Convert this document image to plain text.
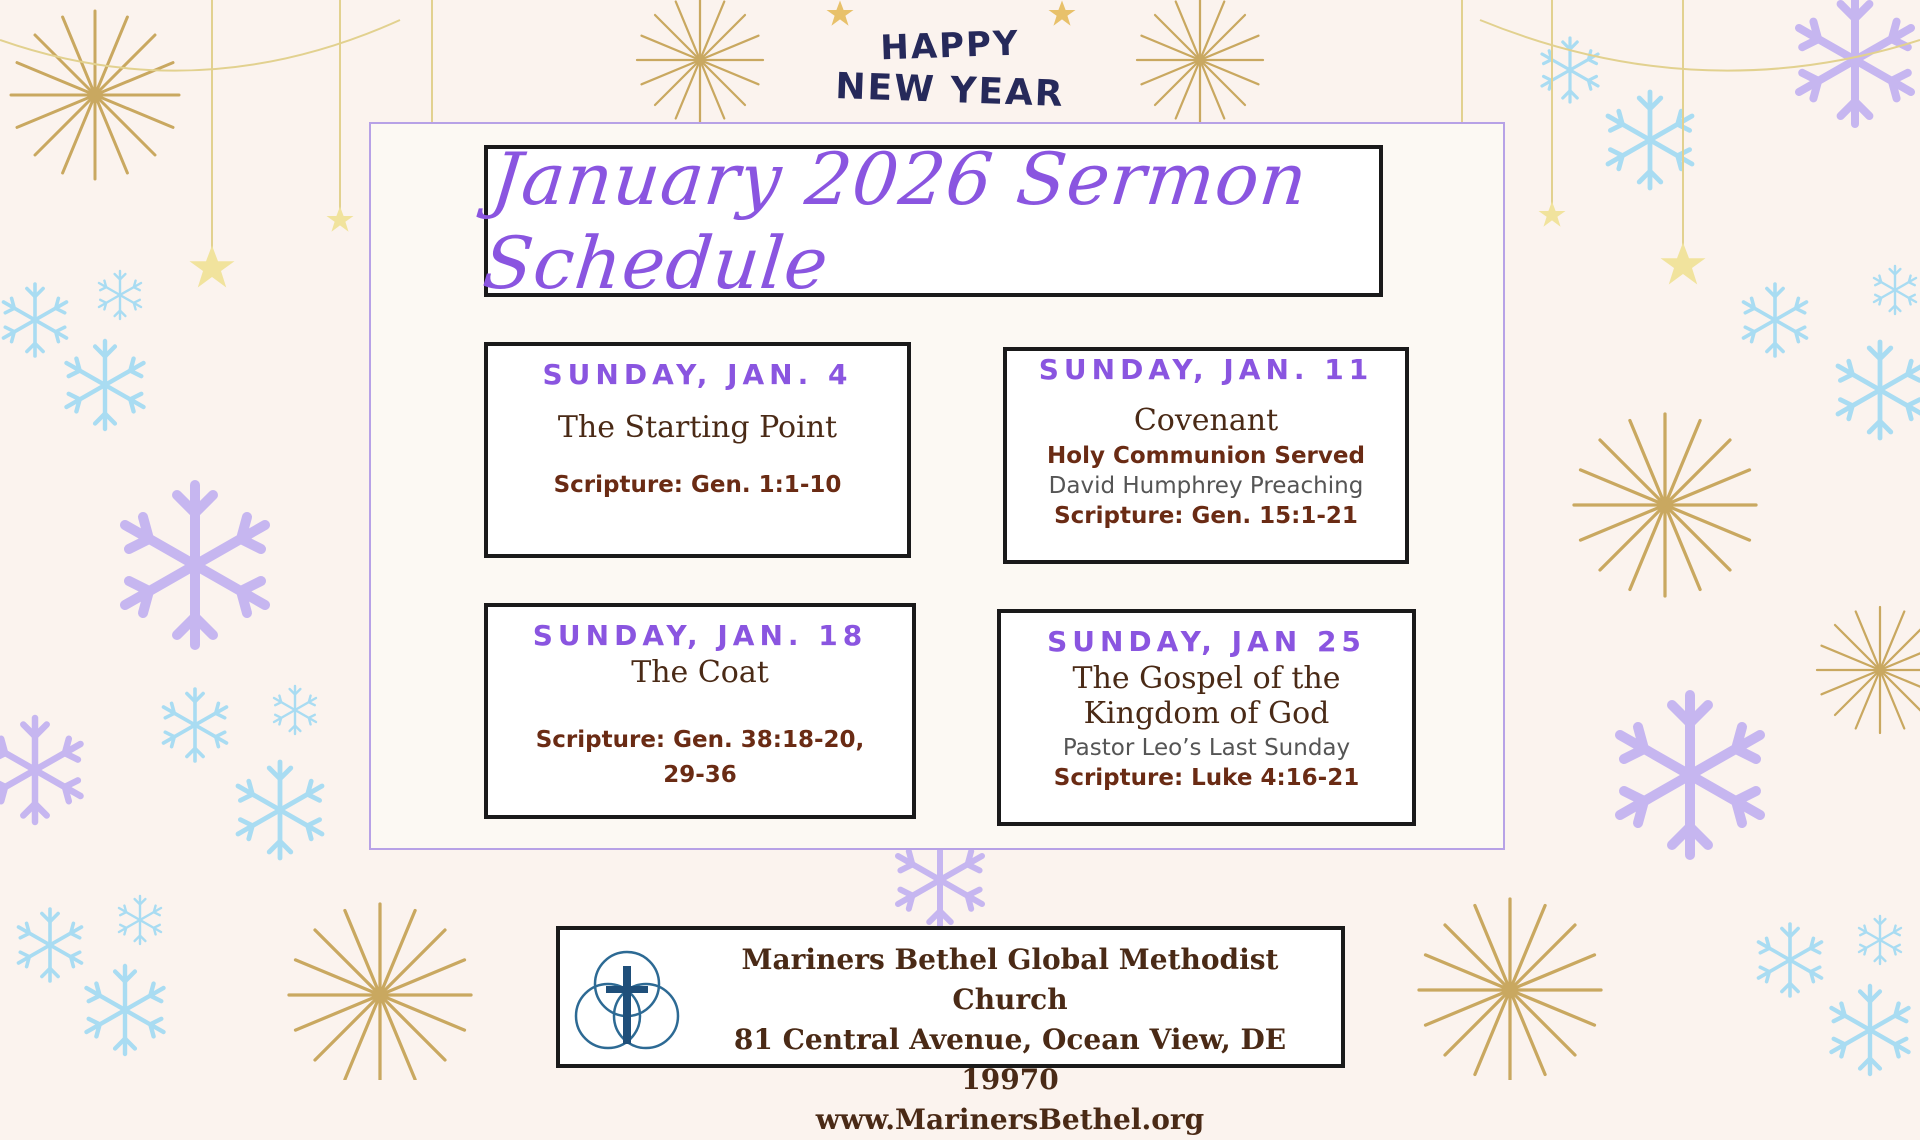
HAPPY
NEW YEAR
January 2026 Sermon Schedule
SUNDAY, JAN. 4
The Starting Point
Scripture: Gen. 1:1-10
SUNDAY, JAN. 11
Covenant
Holy Communion Served
David Humphrey Preaching
Scripture: Gen. 15:1-21
SUNDAY, JAN. 18
The Coat
Scripture: Gen. 38:18-20,
29-36
SUNDAY, JAN 25
The Gospel of the
Kingdom of God
Pastor Leo’s Last Sunday
Scripture: Luke 4:16-21
Mariners Bethel Global Methodist Church
81 Central Avenue, Ocean View, DE 19970
www.MarinersBethel.org
